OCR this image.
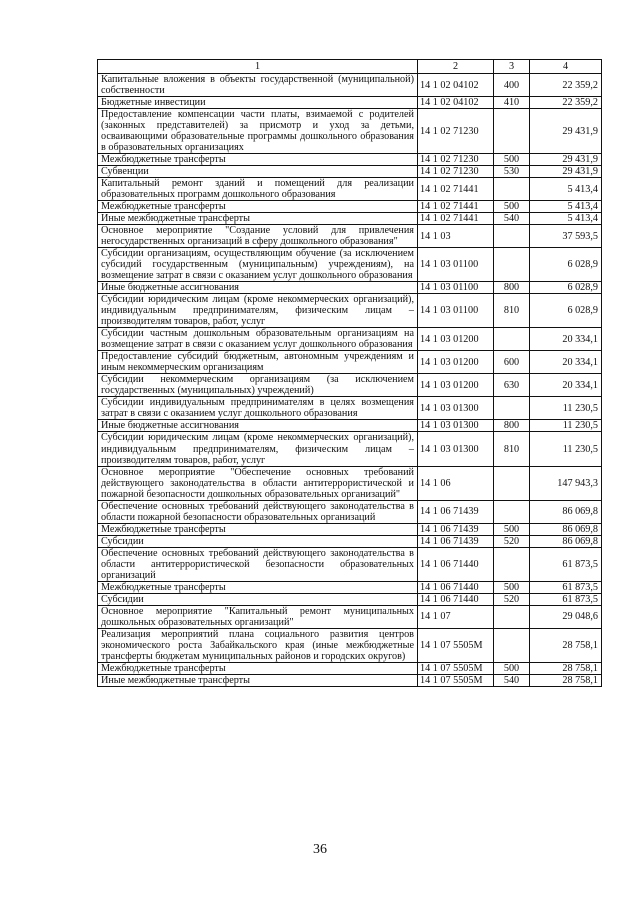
1	2	3	4
Капитальные вложения в объекты государственной (муниципальной) собственности	14 1 02 04102	400	22 359,2
Бюджетные инвестиции	14 1 02 04102	410	22 359,2
Предоставление компенсации части платы, взимаемой с родителей (законных представителей) за присмотр и уход за детьми, осваивающими образовательные программы дошкольного образования в образовательных организациях	14 1 02 71230		29 431,9
Межбюджетные трансферты	14 1 02 71230	500	29 431,9
Субвенции	14 1 02 71230	530	29 431,9
Капитальный ремонт зданий и помещений для реализации образовательных программ дошкольного образования	14 1 02 71441		5 413,4
Межбюджетные трансферты	14 1 02 71441	500	5 413,4
Иные межбюджетные трансферты	14 1 02 71441	540	5 413,4
Основное мероприятие "Создание условий для привлечения негосударственных организаций в сферу дошкольного образования"	14 1 03		37 593,5
Субсидии организациям, осуществляющим обучение (за исключением субсидий государственным (муниципальным) учреждениям), на возмещение затрат в связи с оказанием услуг дошкольного образования	14 1 03 01100		6 028,9
Иные бюджетные ассигнования	14 1 03 01100	800	6 028,9
Субсидии юридическим лицам (кроме некоммерческих организаций), индивидуальным предпринимателям, физическим лицам – производителям товаров, работ, услуг	14 1 03 01100	810	6 028,9
Субсидии частным дошкольным образовательным организациям на возмещение затрат в связи с оказанием услуг дошкольного образования	14 1 03 01200		20 334,1
Предоставление субсидий бюджетным, автономным учреждениям и иным некоммерческим организациям	14 1 03 01200	600	20 334,1
Субсидии некоммерческим организациям (за исключением государственных (муниципальных) учреждений)	14 1 03 01200	630	20 334,1
Субсидии индивидуальным предпринимателям в целях возмещения затрат в связи с оказанием услуг дошкольного образования	14 1 03 01300		11 230,5
Иные бюджетные ассигнования	14 1 03 01300	800	11 230,5
Субсидии юридическим лицам (кроме некоммерческих организаций), индивидуальным предпринимателям, физическим лицам – производителям товаров, работ, услуг	14 1 03 01300	810	11 230,5
Основное мероприятие "Обеспечение основных требований действующего законодательства в области антитеррористической и пожарной безопасности дошкольных образовательных организаций"	14 1 06		147 943,3
Обеспечение основных требований действующего законодательства в области пожарной безопасности образовательных организаций	14 1 06 71439		86 069,8
Межбюджетные трансферты	14 1 06 71439	500	86 069,8
Субсидии	14 1 06 71439	520	86 069,8
Обеспечение основных требований действующего законодательства в области антитеррористической безопасности образовательных организаций	14 1 06 71440		61 873,5
Межбюджетные трансферты	14 1 06 71440	500	61 873,5
Субсидии	14 1 06 71440	520	61 873,5
Основное мероприятие "Капитальный ремонт муниципальных дошкольных образовательных организаций"	14 1 07		29 048,6
Реализация мероприятий плана социального развития центров экономического роста Забайкальского края (иные межбюджетные трансферты бюджетам муниципальных районов и городских округов)	14 1 07 5505М		28 758,1
Межбюджетные трансферты	14 1 07 5505М	500	28 758,1
Иные межбюджетные трансферты	14 1 07 5505М	540	28 758,1
36
